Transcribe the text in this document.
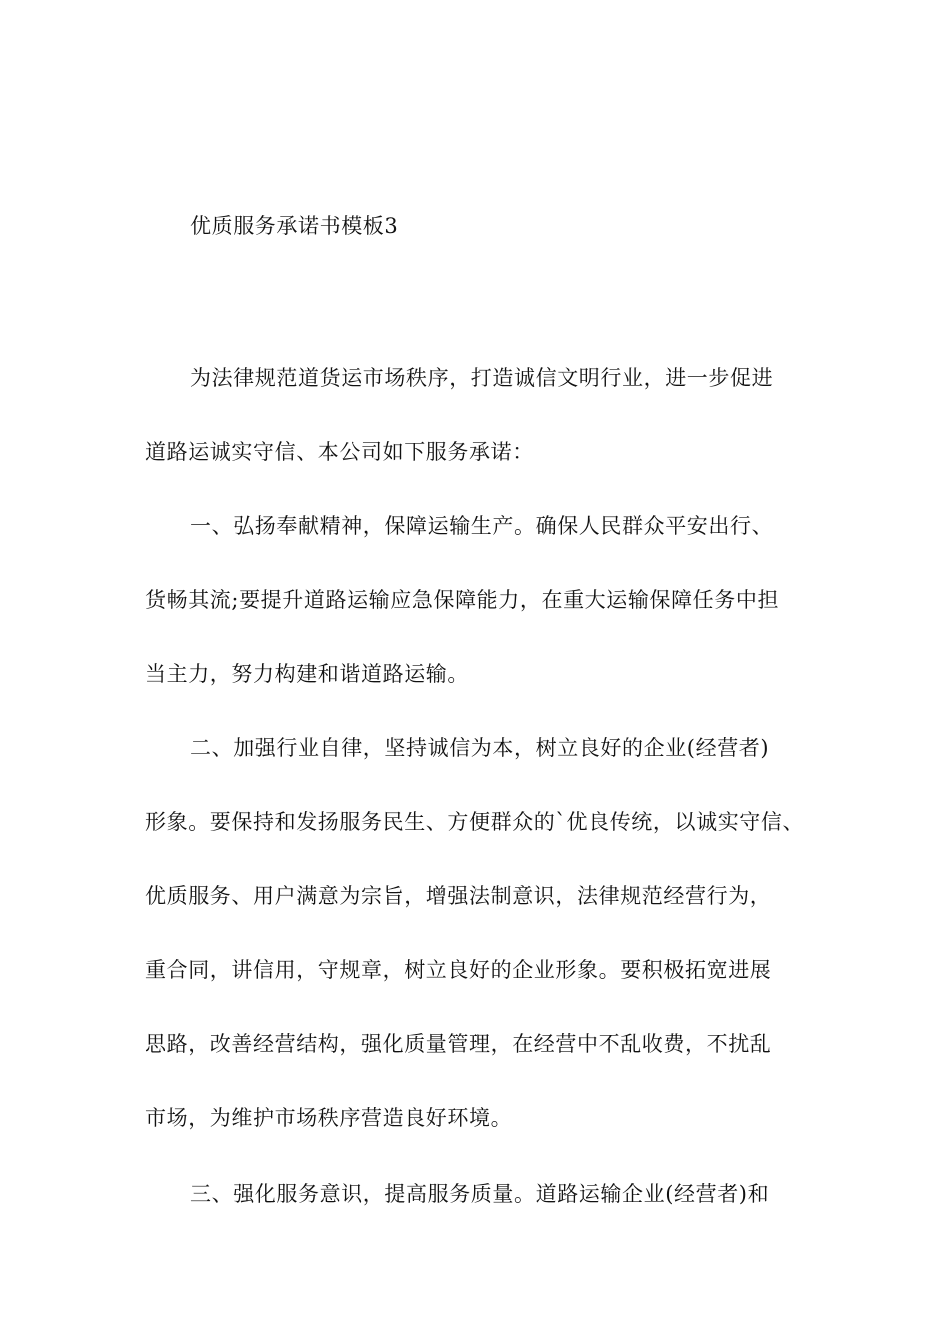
优质服务承诺书模板3
为法律规范道货运市场秩序，打造诚信文明行业，进一步促进
道路运诚实守信、本公司如下服务承诺：
一、弘扬奉献精神，保障运输生产。确保人民群众平安出行、
货畅其流;要提升道路运输应急保障能力，在重大运输保障任务中担
当主力，努力构建和谐道路运输。
二、加强行业自律，坚持诚信为本，树立良好的企业(经营者)
形象。要保持和发扬服务民生、方便群众的`优良传统，以诚实守信、
优质服务、用户满意为宗旨，增强法制意识，法律规范经营行为，
重合同，讲信用，守规章，树立良好的企业形象。要积极拓宽进展
思路，改善经营结构，强化质量管理，在经营中不乱收费，不扰乱
市场，为维护市场秩序营造良好环境。
三、强化服务意识，提高服务质量。道路运输企业(经营者)和
